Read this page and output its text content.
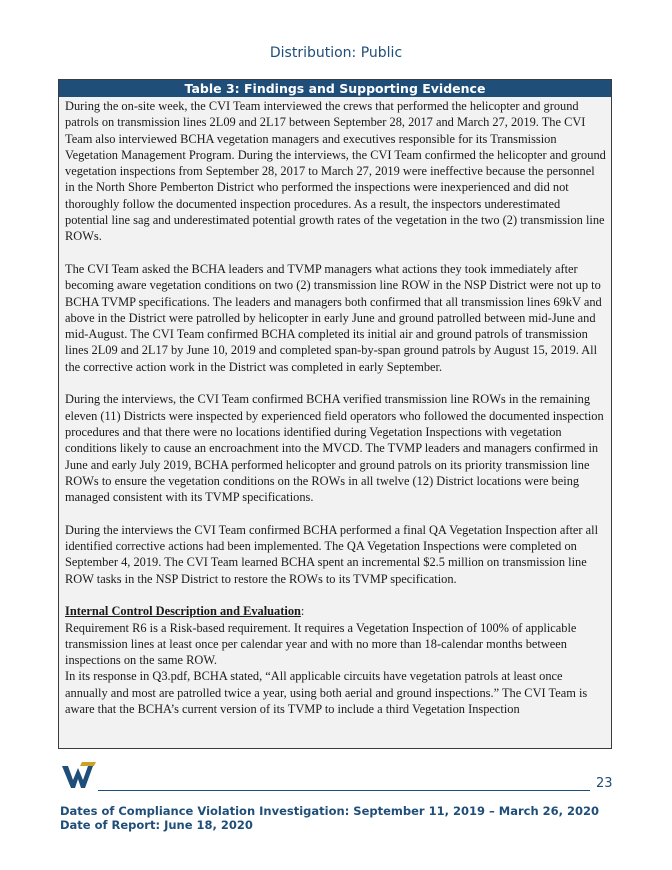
Distribution: Public
Table 3: Findings and Supporting Evidence

During the on-site week, the CVI Team interviewed the crews that performed the helicopter and ground patrols on transmission lines 2L09 and 2L17 between September 28, 2017 and March 27, 2019. The CVI Team also interviewed BCHA vegetation managers and executives responsible for its Transmission Vegetation Management Program. During the interviews, the CVI Team confirmed the helicopter and ground vegetation inspections from September 28, 2017 to March 27, 2019 were ineffective because the personnel in the North Shore Pemberton District who performed the inspections were inexperienced and did not thoroughly follow the documented inspection procedures. As a result, the inspectors underestimated potential line sag and underestimated potential growth rates of the vegetation in the two (2) transmission line ROWs.

The CVI Team asked the BCHA leaders and TVMP managers what actions they took immediately after becoming aware vegetation conditions on two (2) transmission line ROW in the NSP District were not up to BCHA TVMP specifications. The leaders and managers both confirmed that all transmission lines 69kV and above in the District were patrolled by helicopter in early June and ground patrolled between mid-June and mid-August. The CVI Team confirmed BCHA completed its initial air and ground patrols of transmission lines 2L09 and 2L17 by June 10, 2019 and completed span-by-span ground patrols by August 15, 2019. All the corrective action work in the District was completed in early September.

During the interviews, the CVI Team confirmed BCHA verified transmission line ROWs in the remaining eleven (11) Districts were inspected by experienced field operators who followed the documented inspection procedures and that there were no locations identified during Vegetation Inspections with vegetation conditions likely to cause an encroachment into the MVCD. The TVMP leaders and managers confirmed in June and early July 2019, BCHA performed helicopter and ground patrols on its priority transmission line ROWs to ensure the vegetation conditions on the ROWs in all twelve (12) District locations were being managed consistent with its TVMP specifications.

During the interviews the CVI Team confirmed BCHA performed a final QA Vegetation Inspection after all identified corrective actions had been implemented. The QA Vegetation Inspections were completed on September 4, 2019. The CVI Team learned BCHA spent an incremental $2.5 million on transmission line ROW tasks in the NSP District to restore the ROWs to its TVMP specification.

Internal Control Description and Evaluation:

Requirement R6 is a Risk-based requirement. It requires a Vegetation Inspection of 100% of applicable transmission lines at least once per calendar year and with no more than 18-calendar months between inspections on the same ROW.

In its response in Q3.pdf, BCHA stated, “All applicable circuits have vegetation patrols at least once annually and most are patrolled twice a year, using both aerial and ground inspections.” The CVI Team is aware that the BCHA’s current version of its TVMP to include a third Vegetation Inspection

23
Dates of Compliance Violation Investigation: September 11, 2019 – March 26, 2020
Date of Report: June 18, 2020
